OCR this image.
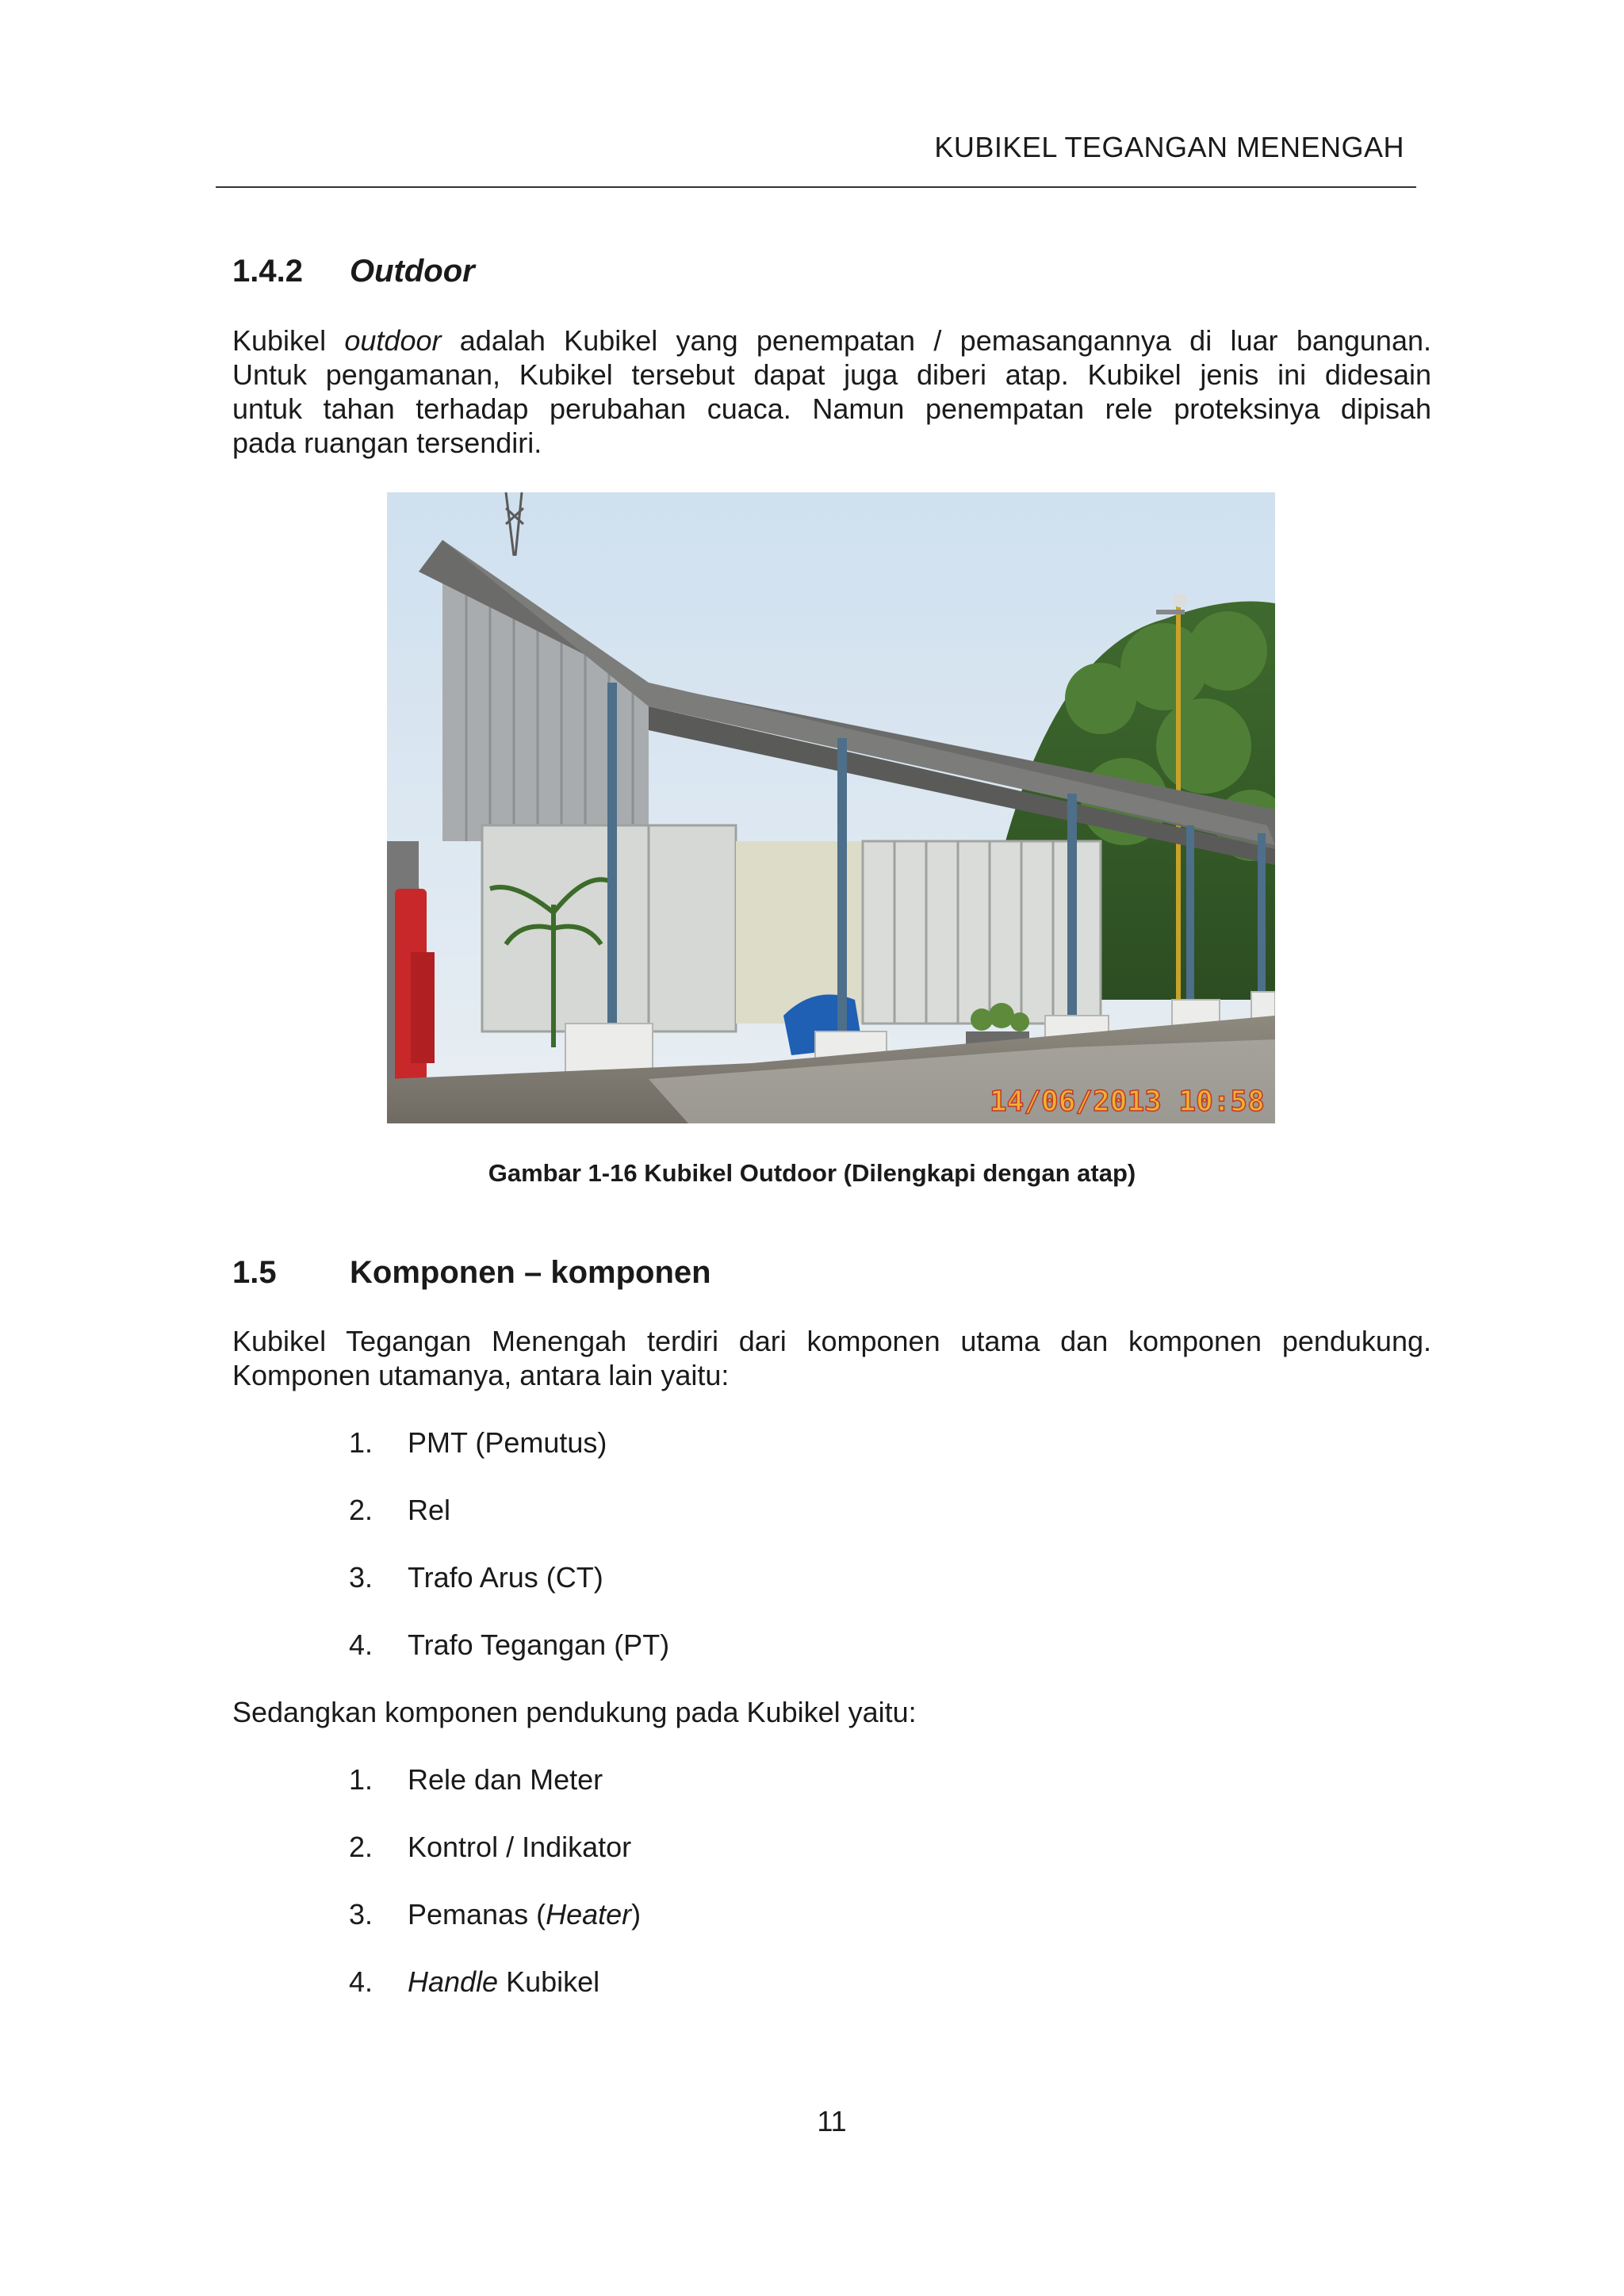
KUBIKEL TEGANGAN MENENGAH
1.4.2 Outdoor
Kubikel outdoor adalah Kubikel yang penempatan / pemasangannya di luar bangunan.
Untuk pengamanan, Kubikel tersebut dapat juga diberi atap. Kubikel jenis ini didesain
untuk tahan terhadap perubahan cuaca. Namun penempatan rele proteksinya dipisah
pada ruangan tersendiri.
14/06/2013 10:58
Gambar 1-16 Kubikel Outdoor (Dilengkapi dengan atap)
1.5 Komponen – komponen
Kubikel Tegangan Menengah terdiri dari komponen utama dan komponen pendukung.
Komponen utamanya, antara lain yaitu:
1. PMT (Pemutus)
2. Rel
3. Trafo Arus (CT)
4. Trafo Tegangan (PT)
Sedangkan komponen pendukung pada Kubikel yaitu:
1. Rele dan Meter
2. Kontrol / Indikator
3. Pemanas (Heater)
4. Handle Kubikel
11
